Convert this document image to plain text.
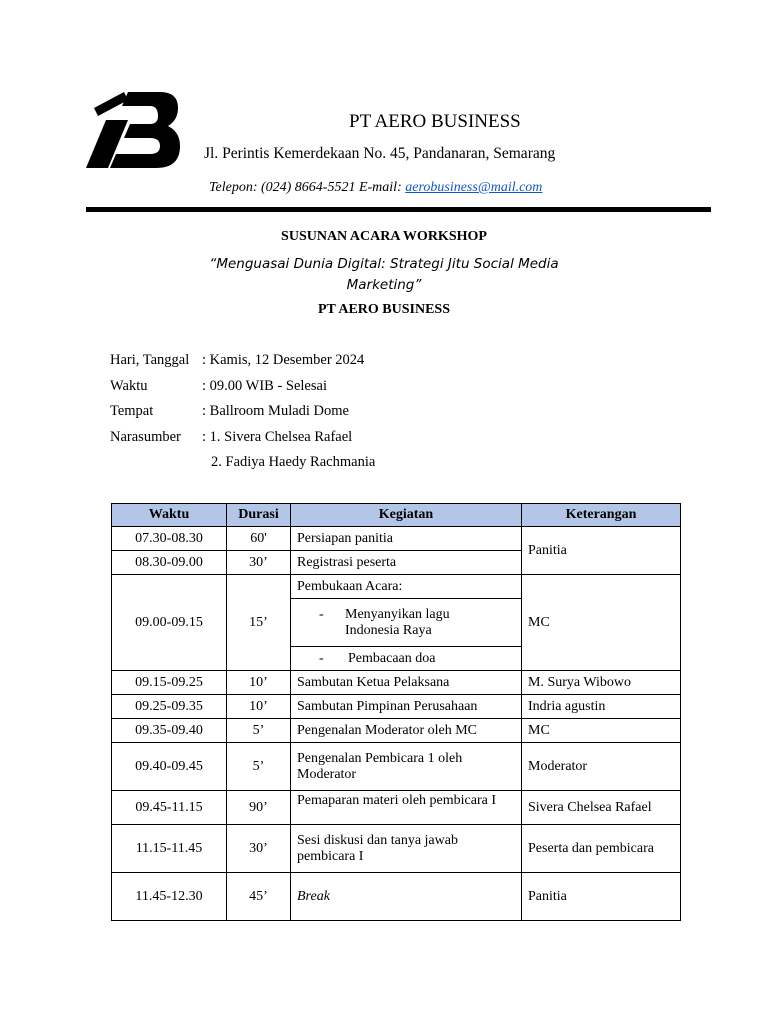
PT AERO BUSINESS
Jl. Perintis Kemerdekaan No. 45, Pandanaran, Semarang
Telepon: (024) 8664-5521 E-mail: aerobusiness@mail.com
SUSUNAN ACARA WORKSHOP
“Menguasai Dunia Digital: Strategi Jitu Social Media
Marketing”
PT AERO BUSINESS
Hari, Tanggal : Kamis, 12 Desember 2024
Waktu	: 09.00 WIB - Selesai
Tempat	: Ballroom Muladi Dome
Narasumber : 1. Sivera Chelsea Rafael
2. Fadiya Haedy Rachmania
Waktu	Durasi	Kegiatan	Keterangan
07.30-08.30	60'	Persiapan panitia	Panitia
08.30-09.00	30’	Registrasi peserta	
09.00-09.15	15’	Pembukaan Acara:	MC

		- Menyanyikan lagu Indonesia Raya	

		- Pembacaan doa	

09.15-09.25	10’	Sambutan Ketua Pelaksana	M. Surya Wibowo
09.25-09.35	10’	Sambutan Pimpinan Perusahaan	Indria agustin
09.35-09.40	5’	Pengenalan Moderator oleh MC	MC
09.40-09.45	5’	Pengenalan Pembicara 1 oleh Moderator	Moderator
09.45-11.15	90’	Pemaparan materi oleh pembicara I	Sivera Chelsea Rafael
11.15-11.45	30’	Sesi diskusi dan tanya jawab pembicara I	Peserta dan pembicara
11.45-12.30	45’	Break	Panitia
